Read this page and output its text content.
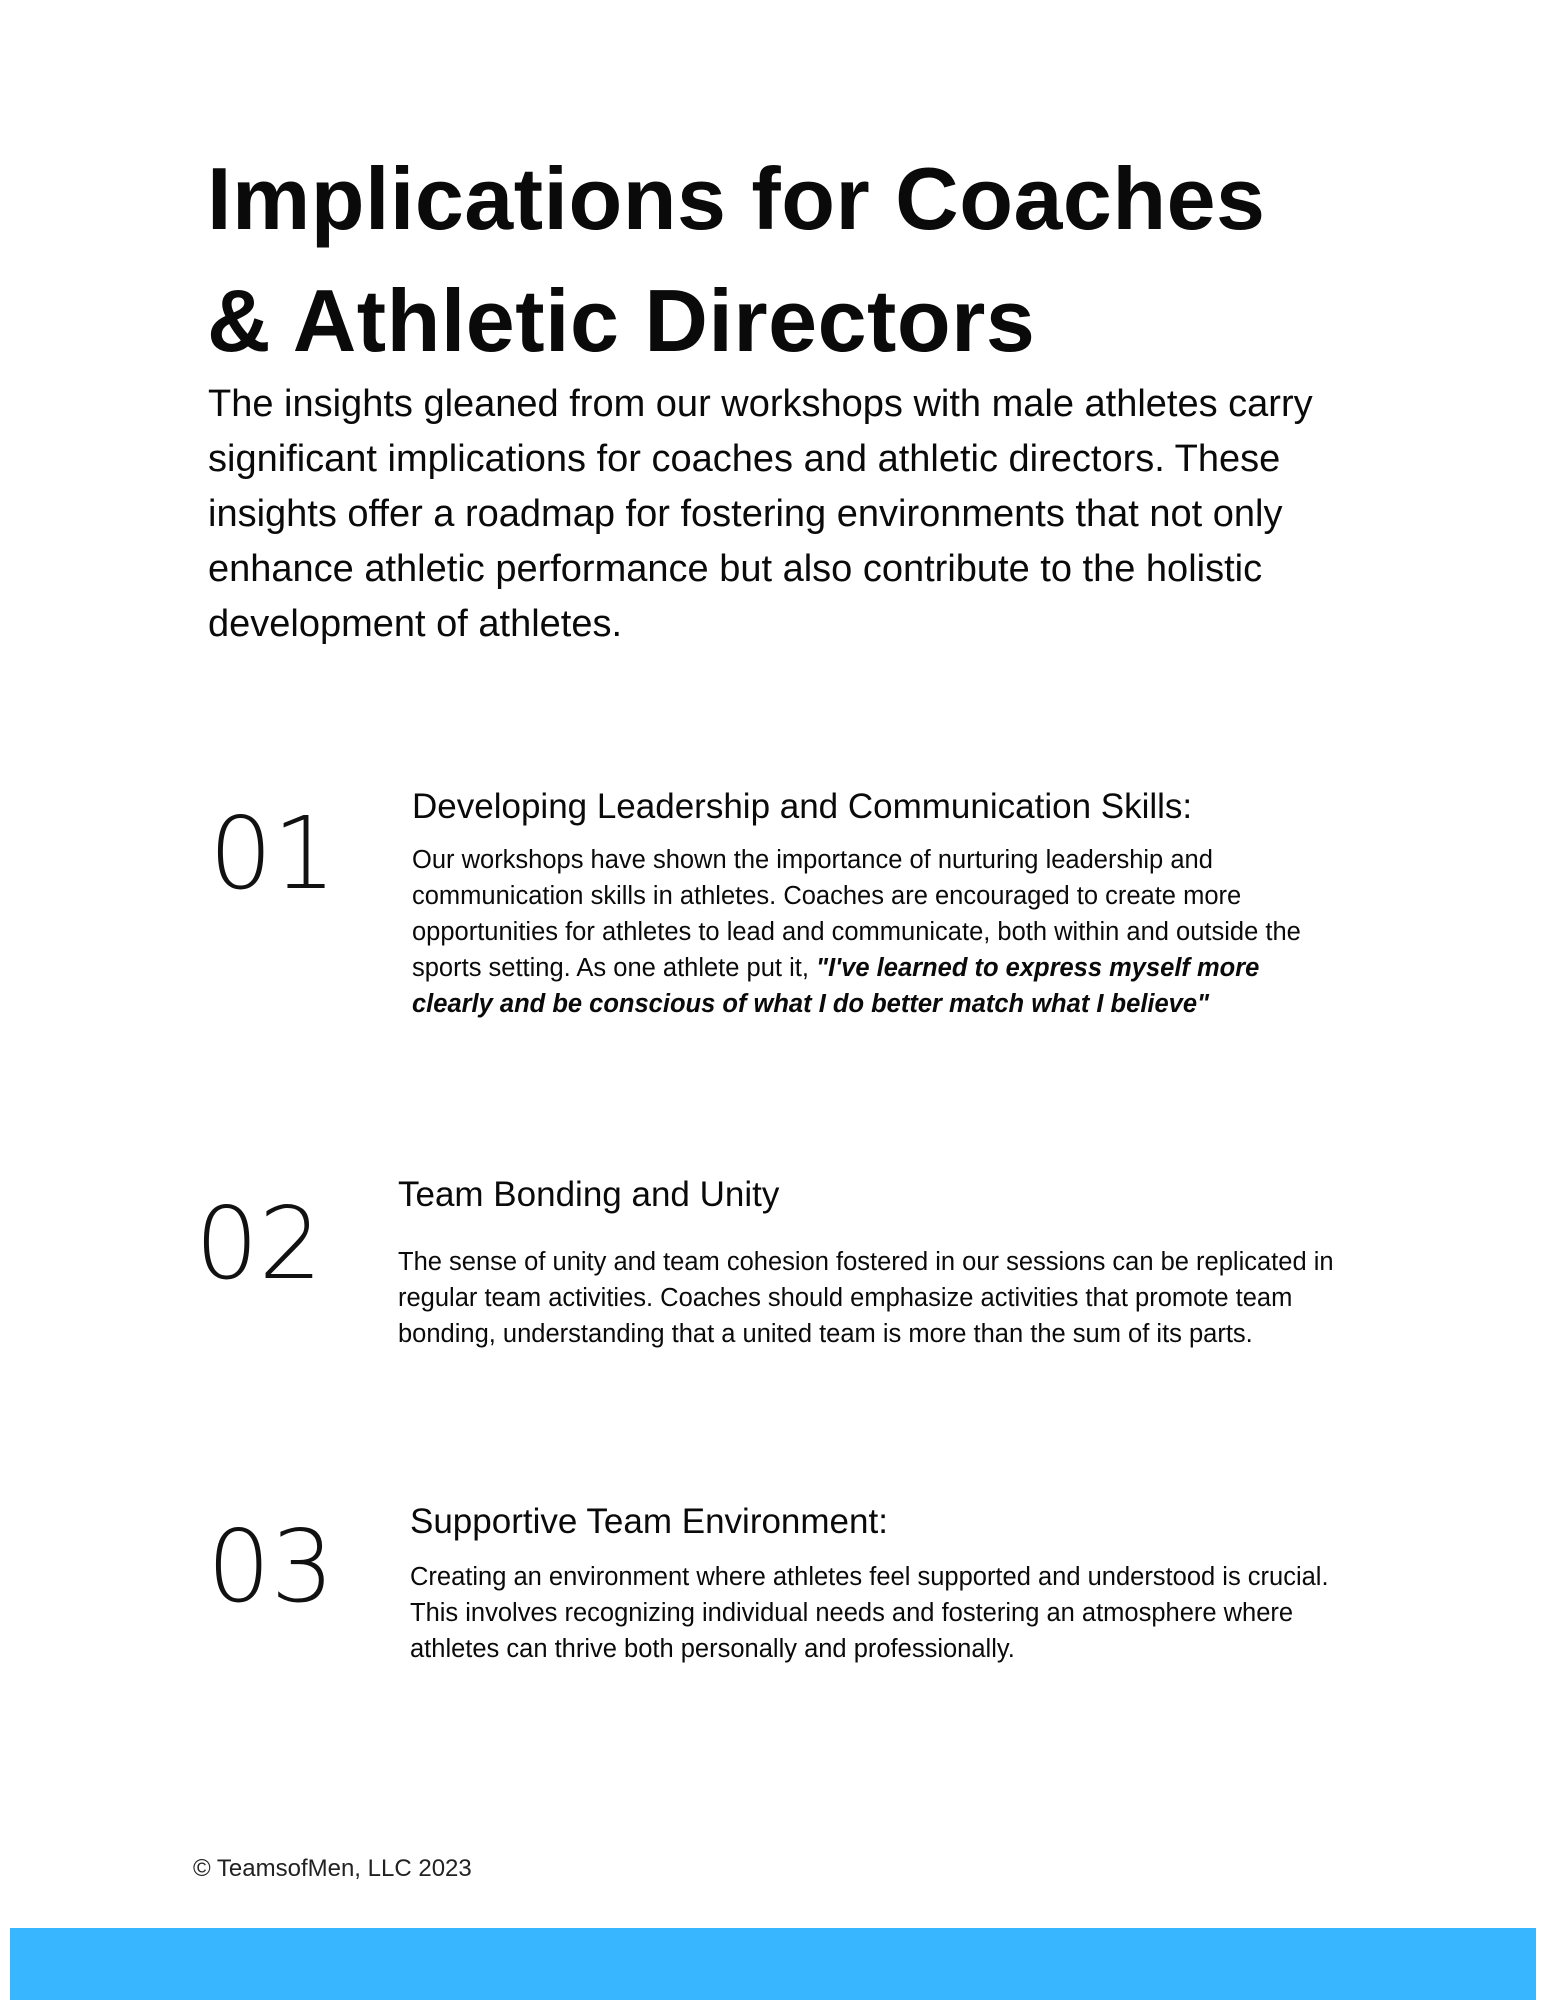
Implications for Coaches
& Athletic Directors

The insights gleaned from our workshops with male athletes carry significant implications for coaches and athletic directors. These insights offer a roadmap for fostering environments that not only enhance athletic performance but also contribute to the holistic development of athletes.

01 Developing Leadership and Communication Skills:

Our workshops have shown the importance of nurturing leadership and communication skills in athletes. Coaches are encouraged to create more opportunities for athletes to lead and communicate, both within and outside the sports setting. As one athlete put it, "I've learned to express myself more clearly and be conscious of what I do better match what I believe"

02 Team Bonding and Unity

The sense of unity and team cohesion fostered in our sessions can be replicated in regular team activities. Coaches should emphasize activities that promote team bonding, understanding that a united team is more than the sum of its parts.

03 Supportive Team Environment:

Creating an environment where athletes feel supported and understood is crucial. This involves recognizing individual needs and fostering an atmosphere where athletes can thrive both personally and professionally.

© TeamsofMen, LLC 2023
